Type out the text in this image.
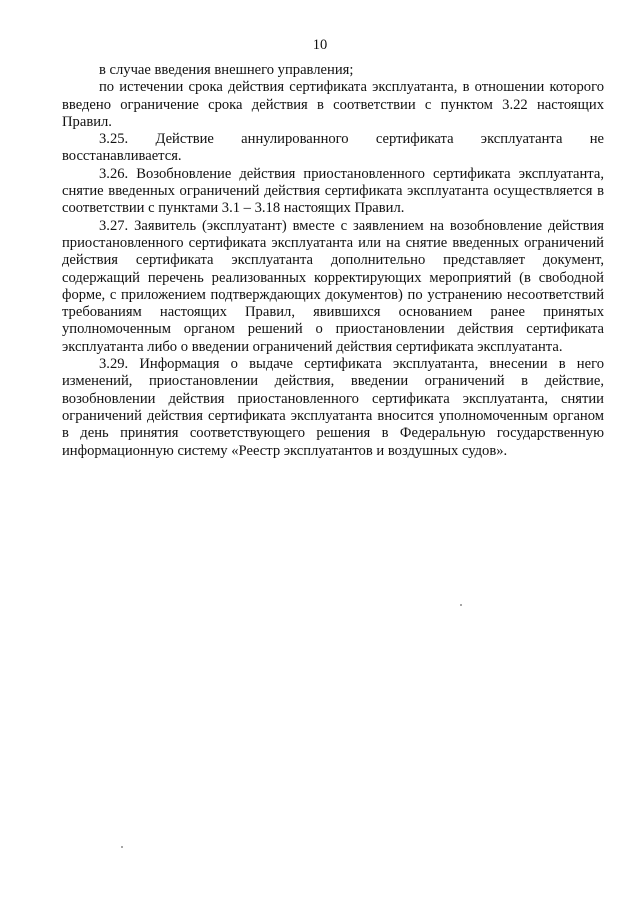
10

в случае введения внешнего управления;

по истечении срока действия сертификата эксплуатанта, в отношении которого введено ограничение срока действия в соответствии с пунктом 3.22 настоящих Правил.

3.25. Действие аннулированного сертификата эксплуатанта не восстанавливается.

3.26. Возобновление действия приостановленного сертификата эксплуатанта, снятие введенных ограничений действия сертификата эксплуатанта осуществляется в соответствии с пунктами 3.1 – 3.18 настоящих Правил.

3.27. Заявитель (эксплуатант) вместе с заявлением на возобновление действия приостановленного сертификата эксплуатанта или на снятие введенных ограничений действия сертификата эксплуатанта дополнительно представляет документ, содержащий перечень реализованных корректирующих мероприятий (в свободной форме, с приложением подтверждающих документов) по устранению несоответствий требованиям настоящих Правил, явившихся основанием ранее принятых уполномоченным органом решений о приостановлении действия сертификата эксплуатанта либо о введении ограничений действия сертификата эксплуатанта.

3.29. Информация о выдаче сертификата эксплуатанта, внесении в него изменений, приостановлении действия, введении ограничений в действие, возобновлении действия приостановленного сертификата эксплуатанта, снятии ограничений действия сертификата эксплуатанта вносится уполномоченным органом в день принятия соответствующего решения в Федеральную государственную информационную систему «Реестр эксплуатантов и воздушных судов».
